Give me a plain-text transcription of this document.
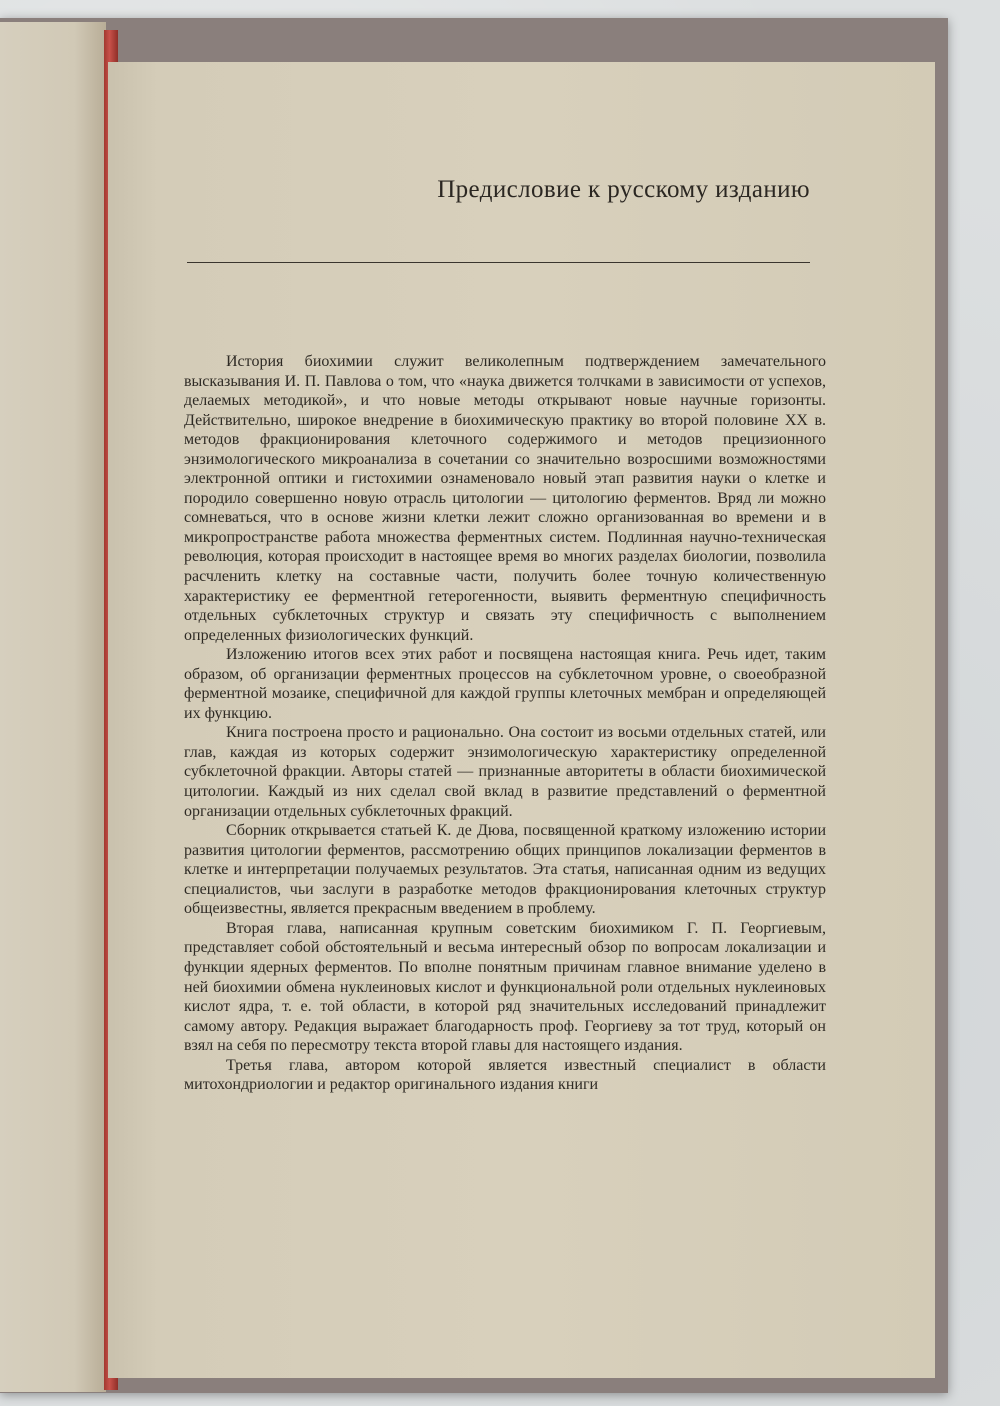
Предисловие к русскому изданию

История биохимии служит великолепным подтверждением замечательного высказывания И. П. Павлова о том, что «наука движется толчками в зависимости от успехов, делаемых методикой», и что новые методы открывают новые научные горизонты. Действительно, широкое внедрение в биохимическую практику во второй половине XX в. методов фракционирования клеточного содержимого и методов прецизионного энзимологического микроанализа в сочетании со значительно возросшими возможностями электронной оптики и гистохимии ознаменовало новый этап развития науки о клетке и породило совершенно новую отрасль цитологии — цитологию ферментов. Вряд ли можно сомневаться, что в основе жизни клетки лежит сложно организованная во времени и в микропространстве работа множества ферментных систем. Подлинная научно-техническая революция, которая происходит в настоящее время во многих разделах биологии, позволила расчленить клетку на составные части, получить более точную количественную характеристику ее ферментной гетерогенности, выявить ферментную специфичность отдельных субклеточных структур и связать эту специфичность с выполнением определенных физиологических функций.

Изложению итогов всех этих работ и посвящена настоящая книга. Речь идет, таким образом, об организации ферментных процессов на субклеточном уровне, о своеобразной ферментной мозаике, специфичной для каждой группы клеточных мембран и определяющей их функцию.

Книга построена просто и рационально. Она состоит из восьми отдельных статей, или глав, каждая из которых содержит энзимологическую характеристику определенной субклеточной фракции. Авторы статей — признанные авторитеты в области биохимической цитологии. Каждый из них сделал свой вклад в развитие представлений о ферментной организации отдельных субклеточных фракций.

Сборник открывается статьей К. де Дюва, посвященной краткому изложению истории развития цитологии ферментов, рассмотрению общих принципов локализации ферментов в клетке и интерпретации получаемых результатов. Эта статья, написанная одним из ведущих специалистов, чьи заслуги в разработке методов фракционирования клеточных структур общеизвестны, является прекрасным введением в проблему.

Вторая глава, написанная крупным советским биохимиком Г. П. Георгиевым, представляет собой обстоятельный и весьма интересный обзор по вопросам локализации и функции ядерных ферментов. По вполне понятным причинам главное внимание уделено в ней биохимии обмена нуклеиновых кислот и функциональной роли отдельных нуклеиновых кислот ядра, т. е. той области, в которой ряд значительных исследований принадлежит самому автору. Редакция выражает благодарность проф. Георгиеву за тот труд, который он взял на себя по пересмотру текста второй главы для настоящего издания.

Третья глава, автором которой является известный специалист в области митохондриологии и редактор оригинального издания книги
